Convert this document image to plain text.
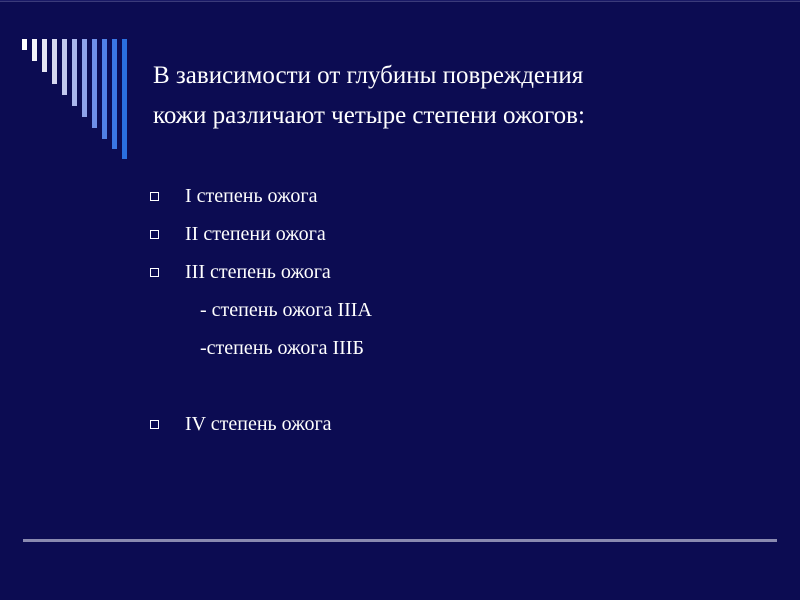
В зависимости от глубины повреждения
кожи различают четыре степени ожогов:
I степень ожога
II степени ожога
III степень ожога
- степень ожога IIIА
-степень ожога IIIБ
IV степень ожога
